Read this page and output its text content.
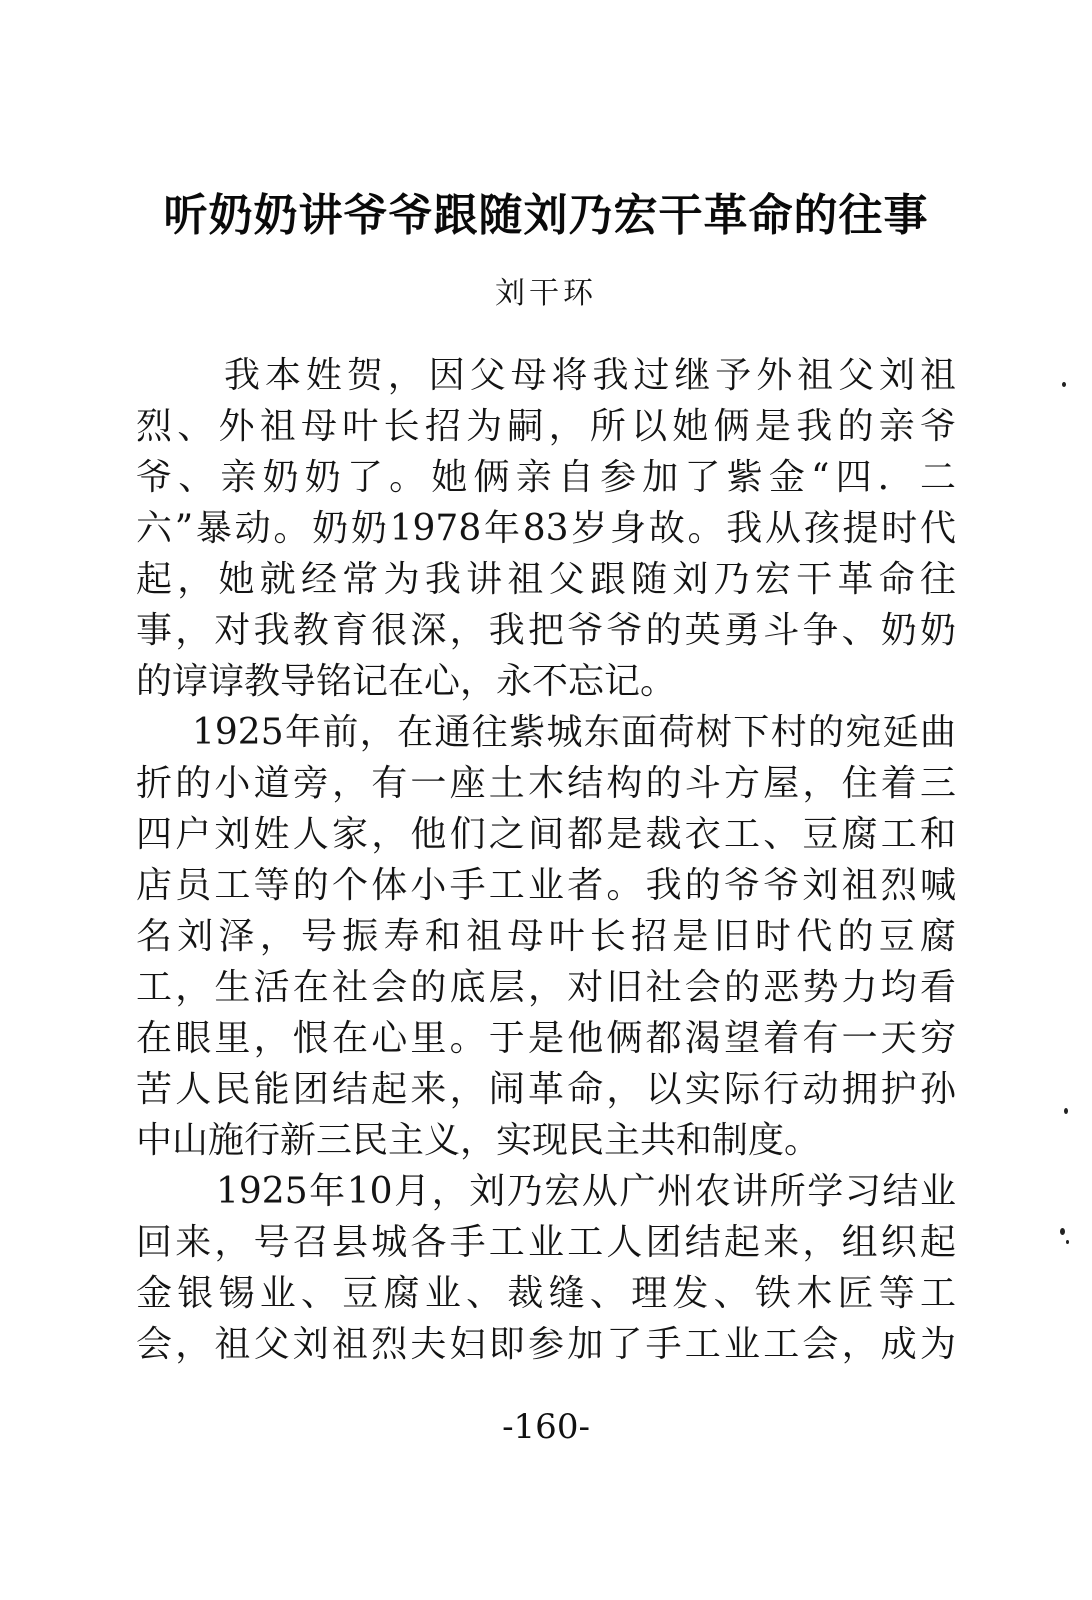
听奶奶讲爷爷跟随刘乃宏干革命的往事
刘干环
我本姓贺，因父母将我过继予外祖父刘祖
烈、外祖母叶长招为嗣，所以她俩是我的亲爷
爷、亲奶奶了。她俩亲自参加了紫金“四．二
六”暴动。奶奶1978年83岁身故。我从孩提时代
起，她就经常为我讲祖父跟随刘乃宏干革命往
事，对我教育很深，我把爷爷的英勇斗争、奶奶
的谆谆教导铭记在心，永不忘记。
1925年前，在通往紫城东面荷树下村的宛延曲
折的小道旁，有一座土木结构的斗方屋，住着三
四户刘姓人家，他们之间都是裁衣工、豆腐工和
店员工等的个体小手工业者。我的爷爷刘祖烈喊
名刘泽，号振寿和祖母叶长招是旧时代的豆腐
工，生活在社会的底层，对旧社会的恶势力均看
在眼里，恨在心里。于是他俩都渴望着有一天穷
苦人民能团结起来，闹革命，以实际行动拥护孙
中山施行新三民主义，实现民主共和制度。
1925年10月，刘乃宏从广州农讲所学习结业
回来，号召县城各手工业工人团结起来，组织起
金银锡业、豆腐业、裁缝、理发、铁木匠等工
会，祖父刘祖烈夫妇即参加了手工业工会，成为
-160-
